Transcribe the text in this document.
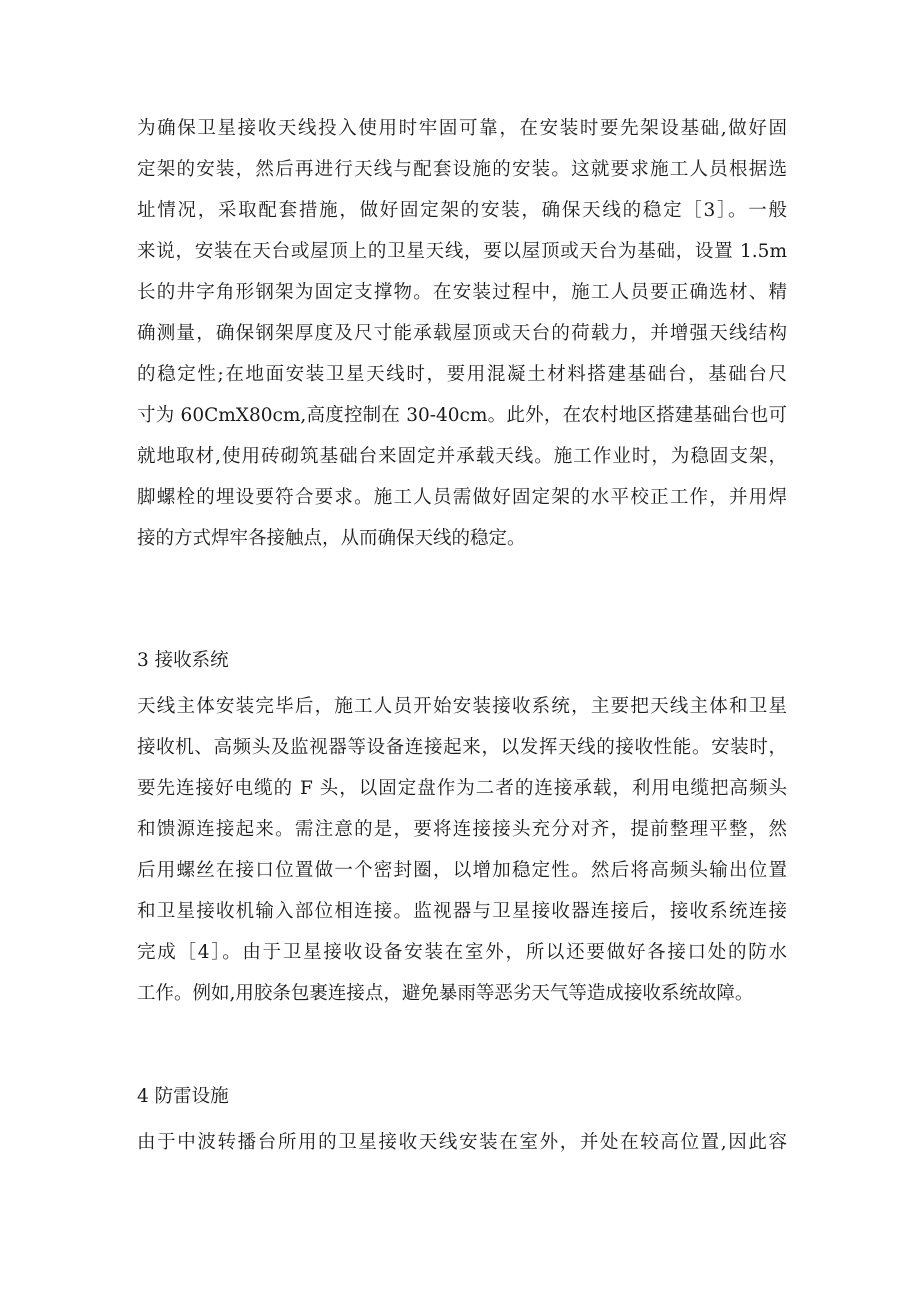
为确保卫星接收天线投入使用时牢固可靠，在安装时要先架设基础,做好固
定架的安装，然后再进行天线与配套设施的安装。这就要求施工人员根据选
址情况，采取配套措施，做好固定架的安装，确保天线的稳定［3］。一般
来说，安装在天台或屋顶上的卫星天线，要以屋顶或天台为基础，设置 1.5m
长的井字角形钢架为固定支撑物。在安装过程中，施工人员要正确选材、精
确测量，确保钢架厚度及尺寸能承载屋顶或天台的荷载力，并增强天线结构
的稳定性;在地面安装卫星天线时，要用混凝土材料搭建基础台，基础台尺
寸为 60CmX80cm,高度控制在 30-40cm。此外，在农村地区搭建基础台也可
就地取材,使用砖砌筑基础台来固定并承载天线。施工作业时，为稳固支架，
脚螺栓的埋设要符合要求。施工人员需做好固定架的水平校正工作，并用焊
接的方式焊牢各接触点，从而确保天线的稳定。
3 接收系统
天线主体安装完毕后，施工人员开始安装接收系统，主要把天线主体和卫星
接收机、高频头及监视器等设备连接起来，以发挥天线的接收性能。安装时，
要先连接好电缆的 F 头，以固定盘作为二者的连接承载，利用电缆把高频头
和馈源连接起来。需注意的是，要将连接接头充分对齐，提前整理平整，然
后用螺丝在接口位置做一个密封圈，以增加稳定性。然后将高频头输出位置
和卫星接收机输入部位相连接。监视器与卫星接收器连接后，接收系统连接
完成［4］。由于卫星接收设备安装在室外，所以还要做好各接口处的防水
工作。例如,用胶条包裹连接点，避免暴雨等恶劣天气等造成接收系统故障。
4 防雷设施
由于中波转播台所用的卫星接收天线安装在室外，并处在较高位置,因此容
